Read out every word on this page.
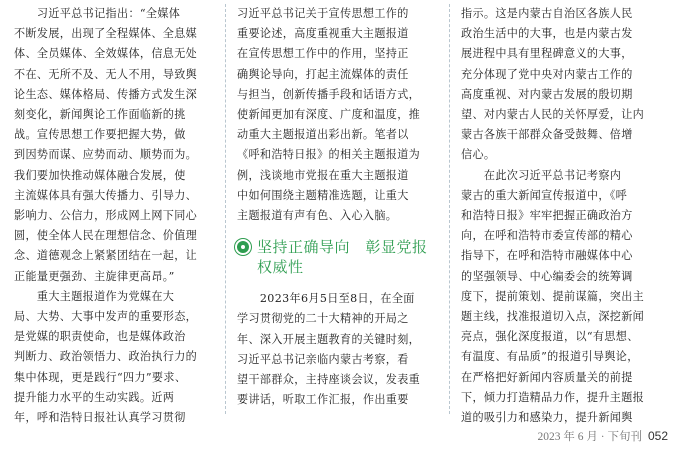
　　习近平总书记指出：“全媒体
不断发展，出现了全程媒体、全息媒
体、全员媒体、全效媒体，信息无处
不在、无所不及、无人不用，导致舆
论生态、媒体格局、传播方式发生深
刻变化，新闻舆论工作面临新的挑
战。宣传思想工作要把握大势，做
到因势而谋、应势而动、顺势而为。
我们要加快推动媒体融合发展，使
主流媒体具有强大传播力、引导力、
影响力、公信力，形成网上网下同心
圆，使全体人民在理想信念、价值理
念、道德观念上紧紧团结在一起，让
正能量更强劲、主旋律更高昂。”
　　重大主题报道作为党媒在大
局、大势、大事中发声的重要形态，
是党媒的职责使命，也是媒体政治
判断力、政治领悟力、政治执行力的
集中体现，更是践行“四力”要求、
提升能力水平的生动实践。近两
年，呼和浩特日报社认真学习贯彻
习近平总书记关于宣传思想工作的
重要论述，高度重视重大主题报道
在宣传思想工作中的作用，坚持正
确舆论导向，打起主流媒体的责任
与担当，创新传播手段和话语方式，
使新闻更加有深度、广度和温度，推
动重大主题报道出彩出新。笔者以
《呼和浩特日报》的相关主题报道为
例，浅谈地市党报在重大主题报道
中如何围绕主题精准选题，让重大
主题报道有声有色、入心入脑。
坚持正确导向　彰显党报
权威性
　　2023年6月5日至8日，在全面
学习贯彻党的二十大精神的开局之
年、深入开展主题教育的关键时刻，
习近平总书记亲临内蒙古考察，看
望干部群众，主持座谈会议，发表重
要讲话，听取工作汇报，作出重要
指示。这是内蒙古自治区各族人民
政治生活中的大事，也是内蒙古发
展进程中具有里程碑意义的大事，
充分体现了党中央对内蒙古工作的
高度重视、对内蒙古发展的殷切期
望、对内蒙古人民的关怀厚爱，让内
蒙古各族干部群众备受鼓舞、倍增
信心。
　　在此次习近平总书记考察内
蒙古的重大新闻宣传报道中，《呼
和浩特日报》牢牢把握正确政治方
向，在呼和浩特市委宣传部的精心
指导下，在呼和浩特市融媒体中心
的坚强领导、中心编委会的统筹调
度下，提前策划、提前谋篇，突出主
题主线，找准报道切入点，深挖新闻
亮点，强化深度报道，以“有思想、
有温度、有品质”的报道引导舆论，
在严格把好新闻内容质量关的前提
下，倾力打造精品力作，提升主题报
道的吸引力和感染力，提升新闻舆
2023 年 6 月 · 下旬刊 052
